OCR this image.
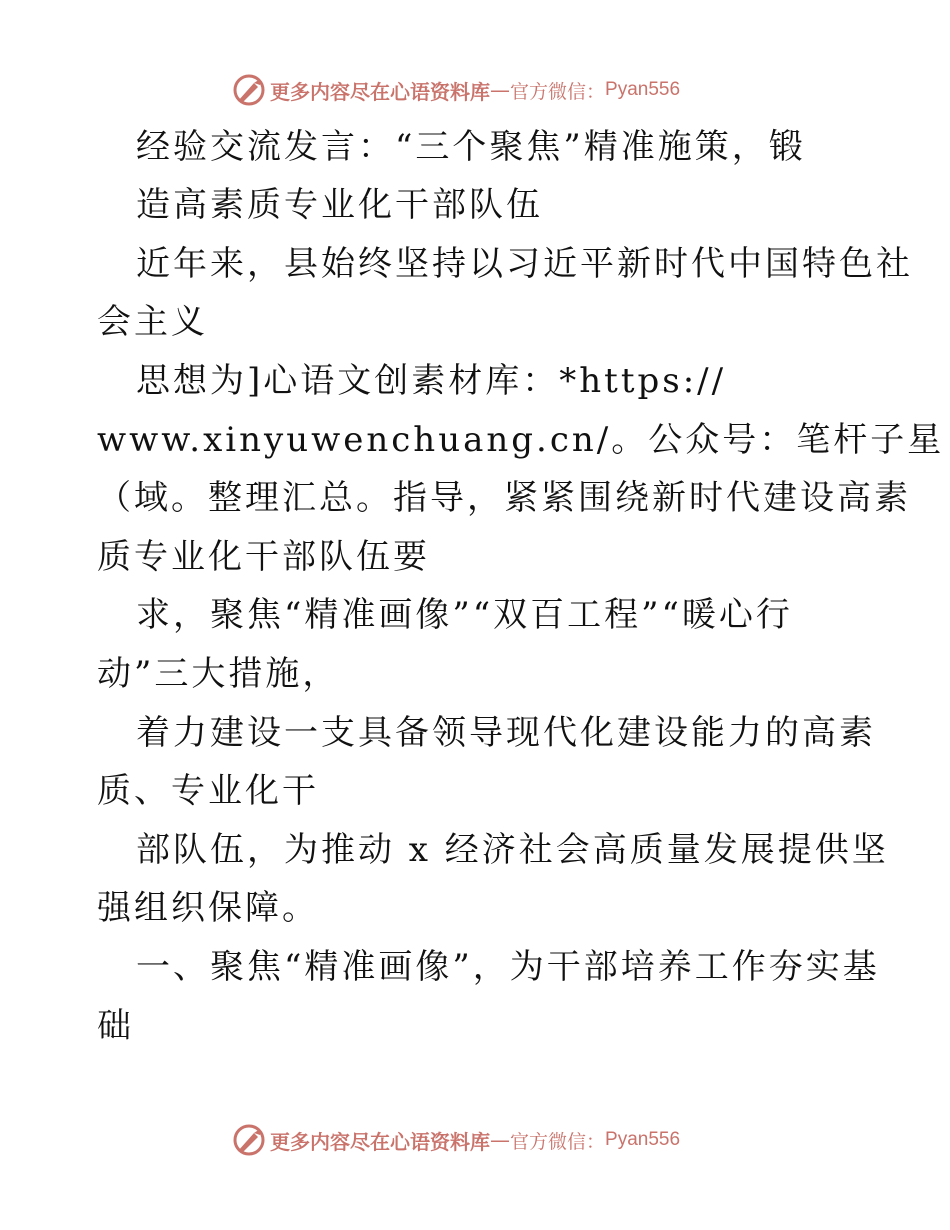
更多内容尽在心语资料库 — 官方微信： Pyan556
经验交流发言：“三个聚焦”精准施策，锻
造高素质专业化干部队伍
近年来，县始终坚持以习近平新时代中国特色社
会主义
思想为]心语文创素材库：*https://
www.xinyuwenchuang.cn/。公众号：笔杆子星
（域。整理汇总。指导，紧紧围绕新时代建设高素
质专业化干部队伍要
求，聚焦“精准画像”“双百工程”“暖心行
动”三大措施，
着力建设一支具备领导现代化建设能力的高素
质、专业化干
部队伍，为推动 x 经济社会高质量发展提供坚
强组织保障。
一、聚焦“精准画像”，为干部培养工作夯实基
础
更多内容尽在心语资料库 — 官方微信： Pyan556
